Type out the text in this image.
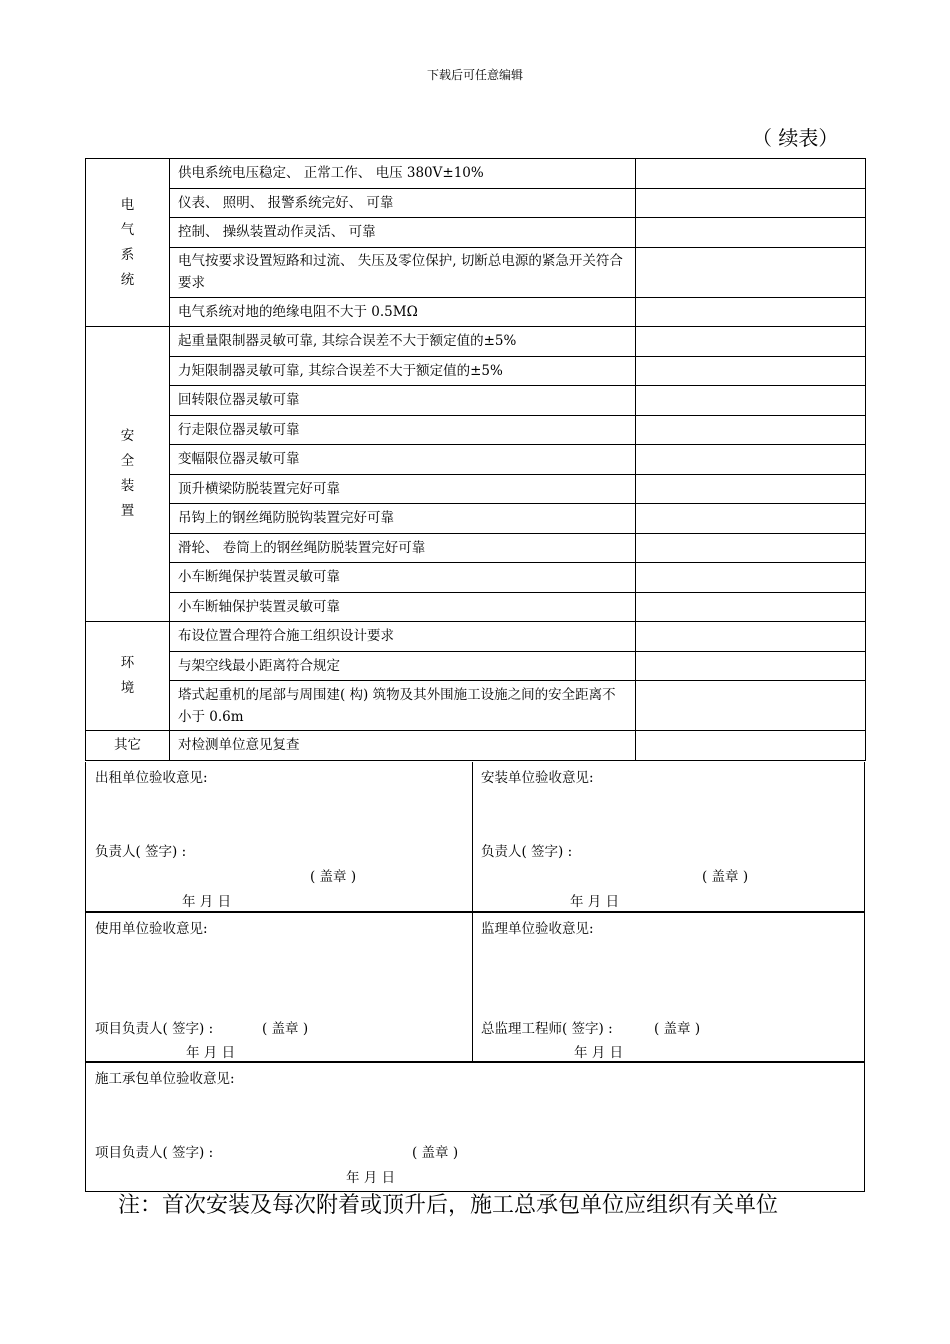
下载后可任意编辑
（ 续表）
电气系统	供电系统电压稳定、 正常工作、 电压 380V±10%	
	仪表、 照明、 报警系统完好、 可靠	
	控制、 操纵装置动作灵活、 可靠	
	电气按要求设置短路和过流、 失压及零位保护, 切断总电源的紧急开关符合要求	
	电气系统对地的绝缘电阻不大于 0.5MΩ	
安全装置	起重量限制器灵敏可靠, 其综合误差不大于额定值的±5%	
	力矩限制器灵敏可靠, 其综合误差不大于额定值的±5%	
	回转限位器灵敏可靠	
	行走限位器灵敏可靠	
	变幅限位器灵敏可靠	
	顶升横梁防脱装置完好可靠	
	吊钩上的钢丝绳防脱钩装置完好可靠	
	滑轮、 卷筒上的钢丝绳防脱装置完好可靠	
	小车断绳保护装置灵敏可靠	
	小车断轴保护装置灵敏可靠	
环境	布设位置合理符合施工组织设计要求	
	与架空线最小距离符合规定	
	塔式起重机的尾部与周围建( 构) 筑物及其外围施工设施之间的安全距离不小于 0.6m	
其它	对检测单位意见复查	
出租单位验收意见:
负责人( 签字) :
( 盖章 )
年 月 日
安装单位验收意见:
负责人( 签字) :
( 盖章 )
年 月 日
使用单位验收意见:
项目负责人( 签字) :	( 盖章 )
年 月 日
监理单位验收意见:
总监理工程师( 签字) :	( 盖章 )
年 月 日
施工承包单位验收意见:
项目负责人( 签字) :	( 盖章 )
年 月 日
注：首次安装及每次附着或顶升后，施工总承包单位应组织有关单位
